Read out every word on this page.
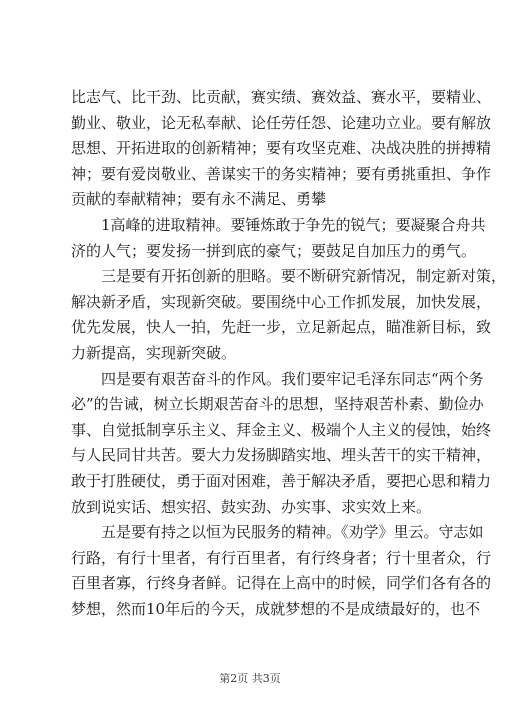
比志气、比干劲、比贡献，赛实绩、赛效益、赛水平，要精业、
勤业、敬业，论无私奉献、论任劳任怨、论建功立业。要有解放
思想、开拓进取的创新精神；要有攻坚克难、决战决胜的拼搏精
神；要有爱岗敬业、善谋实干的务实精神；要有勇挑重担、争作
贡献的奉献精神；要有永不满足、勇攀
1高峰的进取精神。要锤炼敢于争先的锐气；要凝聚合舟共
济的人气；要发扬一拼到底的豪气；要鼓足自加压力的勇气。
三是要有开拓创新的胆略。要不断研究新情况，制定新对策，
解决新矛盾，实现新突破。要围绕中心工作抓发展，加快发展，
优先发展，快人一拍，先赶一步，立足新起点，瞄准新目标，致
力新提高，实现新突破。
四是要有艰苦奋斗的作风。我们要牢记毛泽东同志“两个务
必”的告诫，树立长期艰苦奋斗的思想，坚持艰苦朴素、勤俭办
事、自觉抵制享乐主义、拜金主义、极端个人主义的侵蚀，始终
与人民同甘共苦。要大力发扬脚踏实地、埋头苦干的实干精神，
敢于打胜硬仗，勇于面对困难，善于解决矛盾，要把心思和精力
放到说实话、想实招、鼓实劲、办实事、求实效上来。
五是要有持之以恒为民服务的精神。《劝学》里云。守志如
行路，有行十里者，有行百里者，有行终身者；行十里者众，行
百里者寡，行终身者鲜。记得在上高中的时候，同学们各有各的
梦想，然而10年后的今天，成就梦想的不是成绩最好的，也不
第2页 共3页
